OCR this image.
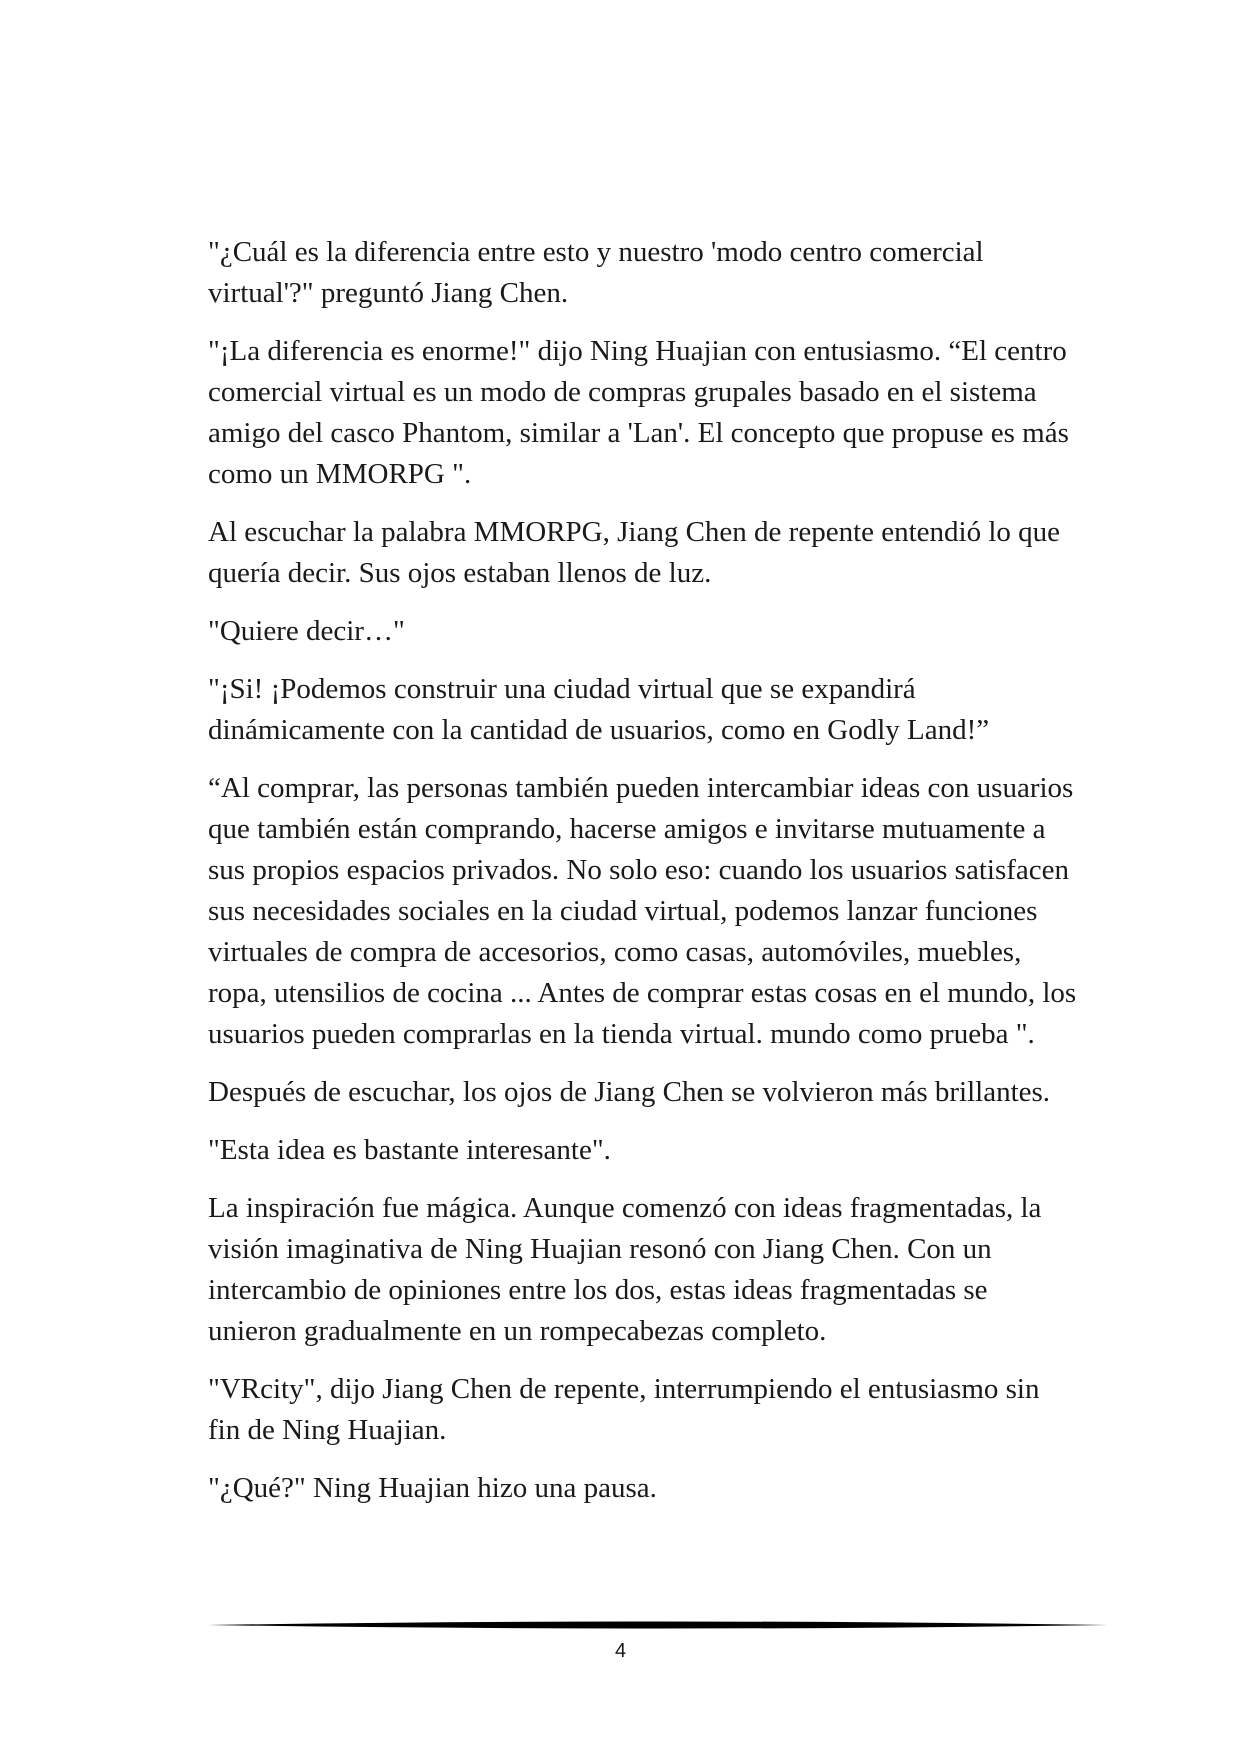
"¿Cuál es la diferencia entre esto y nuestro 'modo centro comercial virtual'?" preguntó Jiang Chen.

"¡La diferencia es enorme!" dijo Ning Huajian con entusiasmo. “El centro comercial virtual es un modo de compras grupales basado en el sistema amigo del casco Phantom, similar a 'Lan'. El concepto que propuse es más como un MMORPG ".

Al escuchar la palabra MMORPG, Jiang Chen de repente entendió lo que quería decir. Sus ojos estaban llenos de luz.

"Quiere decir…"

"¡Si! ¡Podemos construir una ciudad virtual que se expandirá dinámicamente con la cantidad de usuarios, como en Godly Land!”

“Al comprar, las personas también pueden intercambiar ideas con usuarios que también están comprando, hacerse amigos e invitarse mutuamente a sus propios espacios privados. No solo eso: cuando los usuarios satisfacen sus necesidades sociales en la ciudad virtual, podemos lanzar funciones virtuales de compra de accesorios, como casas, automóviles, muebles, ropa, utensilios de cocina ... Antes de comprar estas cosas en el mundo, los usuarios pueden comprarlas en la tienda virtual. mundo como prueba ".

Después de escuchar, los ojos de Jiang Chen se volvieron más brillantes.

"Esta idea es bastante interesante".

La inspiración fue mágica. Aunque comenzó con ideas fragmentadas, la visión imaginativa de Ning Huajian resonó con Jiang Chen. Con un intercambio de opiniones entre los dos, estas ideas fragmentadas se unieron gradualmente en un rompecabezas completo.

"VRcity", dijo Jiang Chen de repente, interrumpiendo el entusiasmo sin fin de Ning Huajian.

"¿Qué?" Ning Huajian hizo una pausa.

4
